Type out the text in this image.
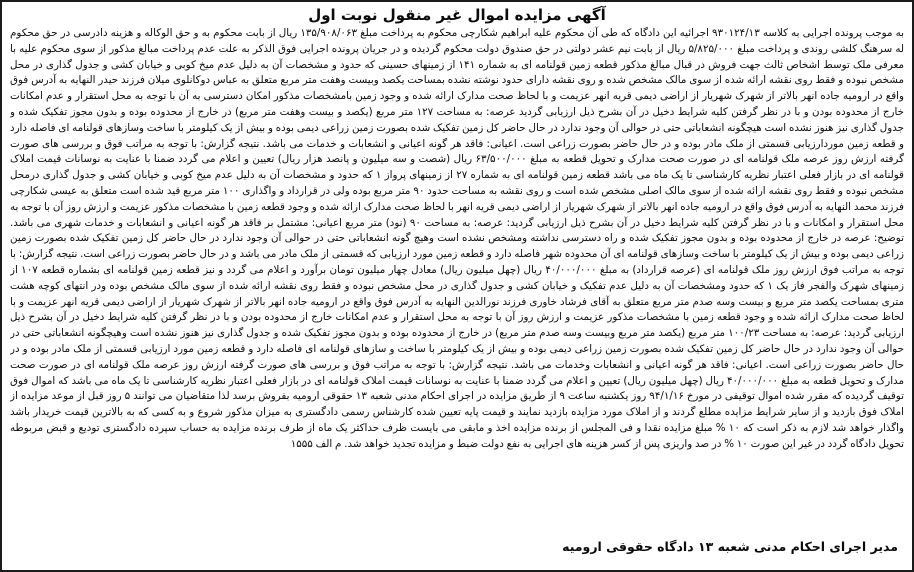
آگهی مزایده اموال غیر منقول نوبت اول

به موجب پرونده اجرایی به کلاسه ۹۳۰۱۲۴/۱۳ اجرائیه این دادگاه که طی آن محکوم علیه ابراهیم شکارچی محکوم به پرداخت مبلغ ۱۳۵/۹۰۸/۰۶۳ ریال از بابت محکوم به و حق الوکاله و هزینه دادرسی در حق محکوم له سرهنگ کلشی روندی و پرداخت مبلغ ۵/۸۲۵/۰۰۰ ریال از بابت نیم عشر دولتی در حق صندوق دولت محکوم گردیده و در جریان پرونده اجرایی فوق الذکر به علت عدم پرداخت مبالغ مذکور از سوی محکوم علیه با معرفی ملک توسط اشخاص ثالث جهت فروش در قبال مبالغ مذکور قطعه زمین قولنامه ای به شماره ۱۴۱ از زمینهای حسینی که حدود و مشخصات آن به دلیل عدم میخ کوبی و خیابان کشی و جدول گذاری در محل مشخص نبوده و فقط روی نقشه ارائه شده از سوی مالک مشخص شده و روی نقشه دارای حدود نوشته نشده بمساحت یکصد وبیست وهفت متر مربع متعلق به عباس دوکانلوی میلان فرزند حیدر النهایه به آدرس فوق واقع در ارومیه جاده انهر بالاتر از شهرک شهریار از اراضی دیمی قریه انهر عزیمت و با لحاظ صحت مدارک ارائه شده و وجود زمین بامشخصات مذکور امکان دسترسی به آن با توجه به محل استقرار و عدم امکانات خارج از محدوده بودن و با در نظر گرفتن کلیه شرایط دخیل در آن بشرح ذیل ارزیابی گردید عرصه: به مساحت ۱۲۷ متر مربع (یکصد و بیست وهفت متر مربع) در خارج از محدوده بوده و بدون مجوز تفکیک شده و جدول گذاری نیز هنوز نشده است هیچگونه انشعاباتی حتی در حوالی آن وجود ندارد در حال حاضر کل زمین تفکیک شده بصورت زمین زراعی دیمی بوده و بیش از یک کیلومتر با ساخت وسازهای قولنامه ای فاصله دارد و قطعه زمین موردارزیابی قسمتی از ملک مادر بوده و در حال حاضر بصورت زراعی است. اعیانی: فاقد هر گونه اعیانی و انشعابات و خدمات می باشد. نتیجه گزارش: با توجه به مراتب فوق و بررسی های صورت گرفته ارزش روز عرصه ملک قولنامه ای در صورت صحت مدارک و تحویل قطعه به مبلغ ۶۳/۵۰۰/۰۰۰ ریال (شصت و سه میلیون و پانصد هزار ریال) تعیین و اعلام می گردد ضمنا با عنایت به نوسانات قیمت املاک قولنامه ای در بازار فعلی اعتبار نظریه کارشناسی تا یک ماه می باشد قطعه زمین قولنامه ای به شماره ۲۷ از زمینهای پرواز ۱ که حدود و مشخصات آن به دلیل عدم میخ کوبی و خیابان کشی و جدول گذاری درمحل مشخص نبوده و فقط روی نقشه ارائه شده از سوی مالک اصلی مشخص شده است و روی نقشه به مساحت حدود ۹۰ متر مربع بوده ولی در قرارداد و واگذاری ۱۰۰ متر مربع قید شده است متعلق به عیسی شکارچی فرزند محمد النهایه به آدرس فوق واقع در ارومیه جاده انهر بالاتر از شهرک شهریار از اراضی دیمی قریه انهر با لحاظ صحت مدارک ارائه شده و وجود قطعه زمین با مشخصات مذکور عزیمت و ارزش روز آن با توجه به محل استقرار و امکانات و با در نظر گرفتن کلیه شرایط دخیل در آن بشرح ذیل ارزیابی گردید: عرصه: به مساحت ۹۰ (نود) متر مربع اعیانی: مشتمل بر فاقد هر گونه اعیانی و انشعابات و خدمات شهری می باشد. توضیح: عرصه در خارج از محدوده بوده و بدون مجوز تفکیک شده و راه دسترسی نداشته ومشخص نشده است وهیچ گونه انشعاباتی حتی در حوالی آن وجود ندارد در حال حاضر کل زمین تفکیک شده بصورت زمین زراعی دیمی بوده و بیش از یک کیلومتر با ساخت وسازهای قولنامه ای آن محدوده شهر فاصله دارد و قطعه زمین مورد ارزیابی که قسمتی از ملک مادر می باشد و در حال حاضر بصورت زراعی است. نتیجه گزارش: با توجه به مراتب فوق ارزش روز ملک قولنامه ای (عرصه قرارداد) به مبلغ ۴۰/۰۰۰/۰۰۰ ریال (چهل میلیون ریال) معادل چهار میلیون تومان برآورد و اعلام می گردد و نیز قطعه زمین قولنامه ای بشماره قطعه ۱۰۷ از زمینهای شهرک والفجر فاز یک ۱ که حدود ومشخصات آن به دلیل عدم تفکیک و خیابان کشی و جدول گذاری در محل مشخص نبوده و فقط روی نقشه ارائه شده از سوی مالک مشخص بوده ودر انتهای کوچه هشت متری بمساحت یکصد متر مربع و بیست وسه صدم متر مربع متعلق به آقای فرشاد خاوری فرزند نورالدین النهایه به آدرس فوق واقع در ارومیه جاده انهر بالاتر از شهرک شهریار از اراضی دیمی قریه انهر عزیمت و با لحاظ صحت مدارک ارائه شده و وجود قطعه زمین با مشخصات مذکور عزیمت و ارزش روز آن با توجه به محل استقرار و عدم امکانات خارج از محدوده بودن و با در نظر گرفتن کلیه شرایط دخیل در آن بشرح ذیل ارزیابی گردید: عرصه: به مساحت ۱۰۰/۲۳ متر مربع (یکصد متر مربع وبیست وسه صدم متر مربع) در خارج از محدوده بوده و بدون مجوز تفکیک شده و جدول گذاری نیز هنوز نشده است وهیچگونه انشعاباتی حتی در حوالی آن وجود ندارد در حال حاضر کل زمین تفکیک شده بصورت زمین زراعی دیمی بوده و بیش از یک کیلومتر با ساخت و سازهای قولنامه ای فاصله دارد و قطعه زمین مورد ارزیابی قسمتی از ملک مادر بوده و در حال حاضر بصورت زراعی است. اعیانی: فاقد هر گونه اعیانی و انشعابات وخدمات می باشد. نتیجه گزارش: با توجه به مراتب فوق و بررسی های صورت گرفته ارزش روز عرصه ملک قولنامه ای در صورت صحت مدارک و تحویل قطعه به مبلغ ۴۰/۰۰۰/۰۰۰ ریال (چهل میلیون ریال) تعیین و اعلام می گردد ضمنا با عنایت به نوسانات قیمت املاک قولنامه ای در بازار فعلی اعتبار نظریه کارشناسی تا یک ماه می باشد که اموال فوق توقیف گردیده که مقرر شده اموال توقیفی در مورخ ۹۴/۱/۱۶ روز یکشنبه ساعت ۹ از طریق مزایده در اجرای احکام مدنی شعبه ۱۳ حقوقی ارومیه بفروش برسد لذا متقاضیان می توانند ۵ روز قبل از موعد مزایده از املاک فوق بازدید و از سایر شرایط مزایده مطلع گردند و از املاک مورد مزایده بازدید نمایند و قیمت پایه تعیین شده کارشناس رسمی دادگستری به میزان مذکور شروع و به کسی که به بالاترین قیمت خریدار باشد واگذار خواهد شد لازم به ذکر است که ۱۰ % مبلغ مزایده نقدا و فی المجلس از برنده مزایده اخذ و مابقی می بایست ظرف حداکثر یک ماه از طرف برنده مزایده به حساب سپرده دادگستری تودیع و قبض مربوطه تحویل دادگاه گردد در غیر این صورت ۱۰ % در صد واریزی پس از کسر هزینه های اجرایی به نفع دولت ضبط و مزایده تجدید خواهد شد. م الف ۱۵۵۵

مدیر اجرای احکام مدنی شعبه ۱۳ دادگاه حقوقی ارومیه
